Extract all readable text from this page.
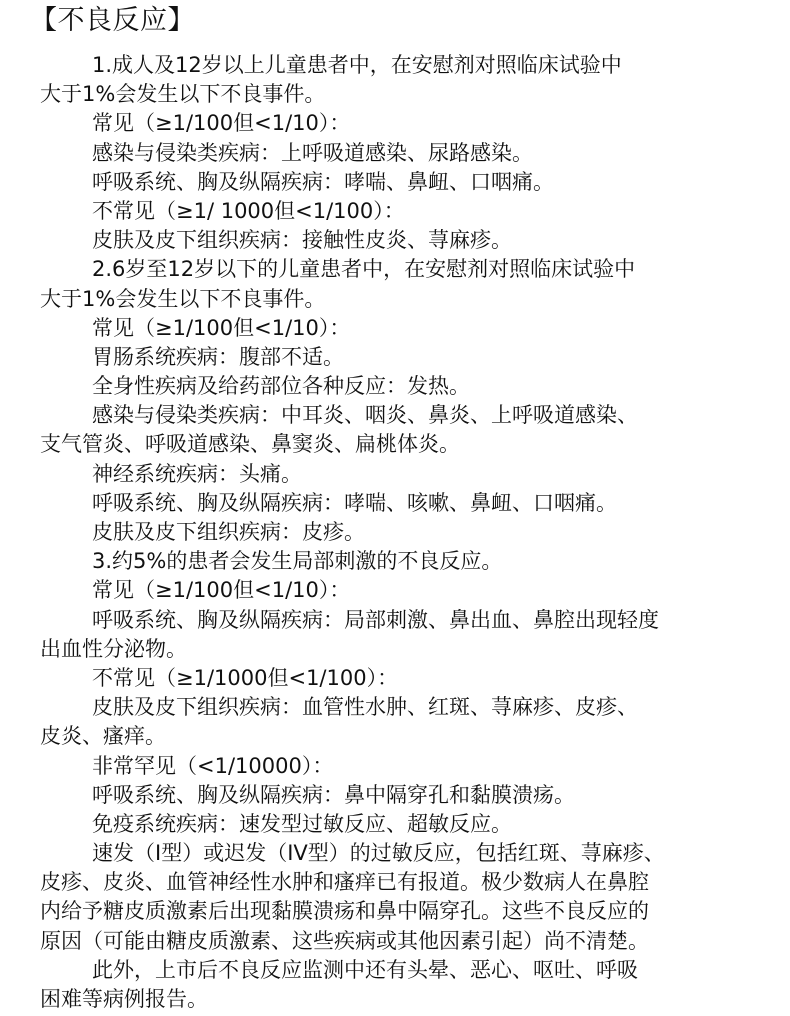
【不良反应】
1.成人及12岁以上儿童患者中，在安慰剂对照临床试验中
大于1%会发生以下不良事件。
常见（≥1/100但<1/10）：
感染与侵染类疾病：上呼吸道感染、尿路感染。
呼吸系统、胸及纵隔疾病：哮喘、鼻衄、口咽痛。
不常见（≥1/ 1000但<1/100）：
皮肤及皮下组织疾病：接触性皮炎、荨麻疹。
2.6岁至12岁以下的儿童患者中，在安慰剂对照临床试验中
大于1%会发生以下不良事件。
常见（≥1/100但<1/10）：
胃肠系统疾病：腹部不适。
全身性疾病及给药部位各种反应：发热。
感染与侵染类疾病：中耳炎、咽炎、鼻炎、上呼吸道感染、
支气管炎、呼吸道感染、鼻窦炎、扁桃体炎。
神经系统疾病：头痛。
呼吸系统、胸及纵隔疾病：哮喘、咳嗽、鼻衄、口咽痛。
皮肤及皮下组织疾病：皮疹。
3.约5%的患者会发生局部刺激的不良反应。
常见（≥1/100但<1/10）：
呼吸系统、胸及纵隔疾病：局部刺激、鼻出血、鼻腔出现轻度
出血性分泌物。
不常见（≥1/1000但<1/100）：
皮肤及皮下组织疾病：血管性水肿、红斑、荨麻疹、皮疹、
皮炎、瘙痒。
非常罕见（<1/10000）：
呼吸系统、胸及纵隔疾病：鼻中隔穿孔和黏膜溃疡。
免疫系统疾病：速发型过敏反应、超敏反应。
速发（I型）或迟发（IV型）的过敏反应，包括红斑、荨麻疹、
皮疹、皮炎、血管神经性水肿和瘙痒已有报道。极少数病人在鼻腔
内给予糖皮质激素后出现黏膜溃疡和鼻中隔穿孔。这些不良反应的
原因（可能由糖皮质激素、这些疾病或其他因素引起）尚不清楚。
此外，上市后不良反应监测中还有头晕、恶心、呕吐、呼吸
困难等病例报告。
